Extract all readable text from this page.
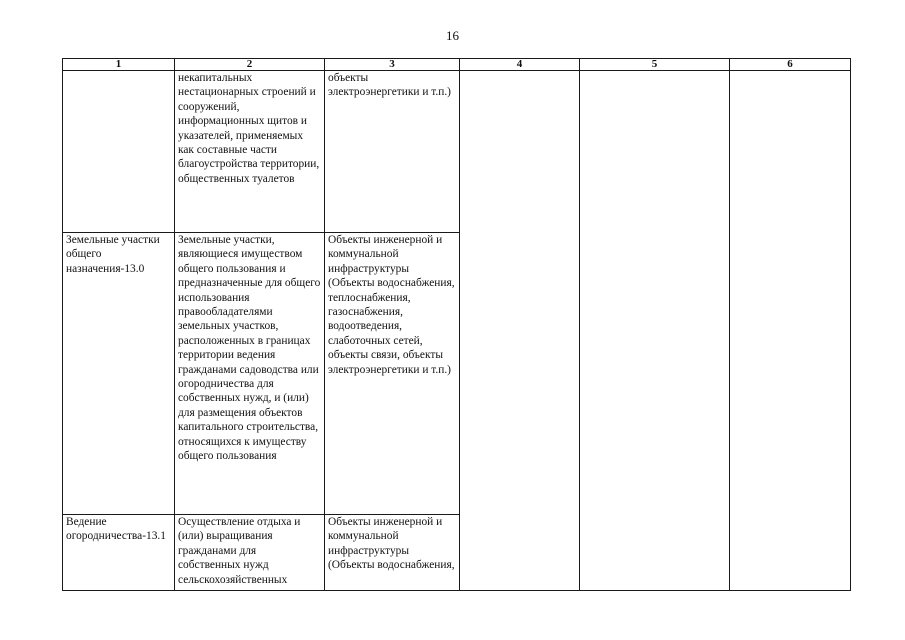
16
1	2	3	4	5	6

	некапитальных нестационарных строений и сооружений, информационных щитов и указателей, применяемых как составные части благоустройства территории, общественных туалетов	объекты электроэнергетики и т.п.)			

Земельные участки общего назначения-13.0	Земельные участки, являющиеся имуществом общего пользования и предназначенные для общего использования правообладателями земельных участков, расположенных в границах территории ведения гражданами садоводства или огородничества для собственных нужд, и (или) для размещения объектов капитального строительства, относящихся к имуществу общего пользования	Объекты инженерной и коммунальной инфраструктуры (Объекты водоснабжения, теплоснабжения, газоснабжения, водоотведения, слаботочных сетей, объекты связи, объекты электроэнергетики и т.п.)			

Ведение огородничества-13.1	Осуществление отдыха и (или) выращивания гражданами для собственных нужд сельскохозяйственных	Объекты инженерной и коммунальной инфраструктуры (Объекты водоснабжения,			
